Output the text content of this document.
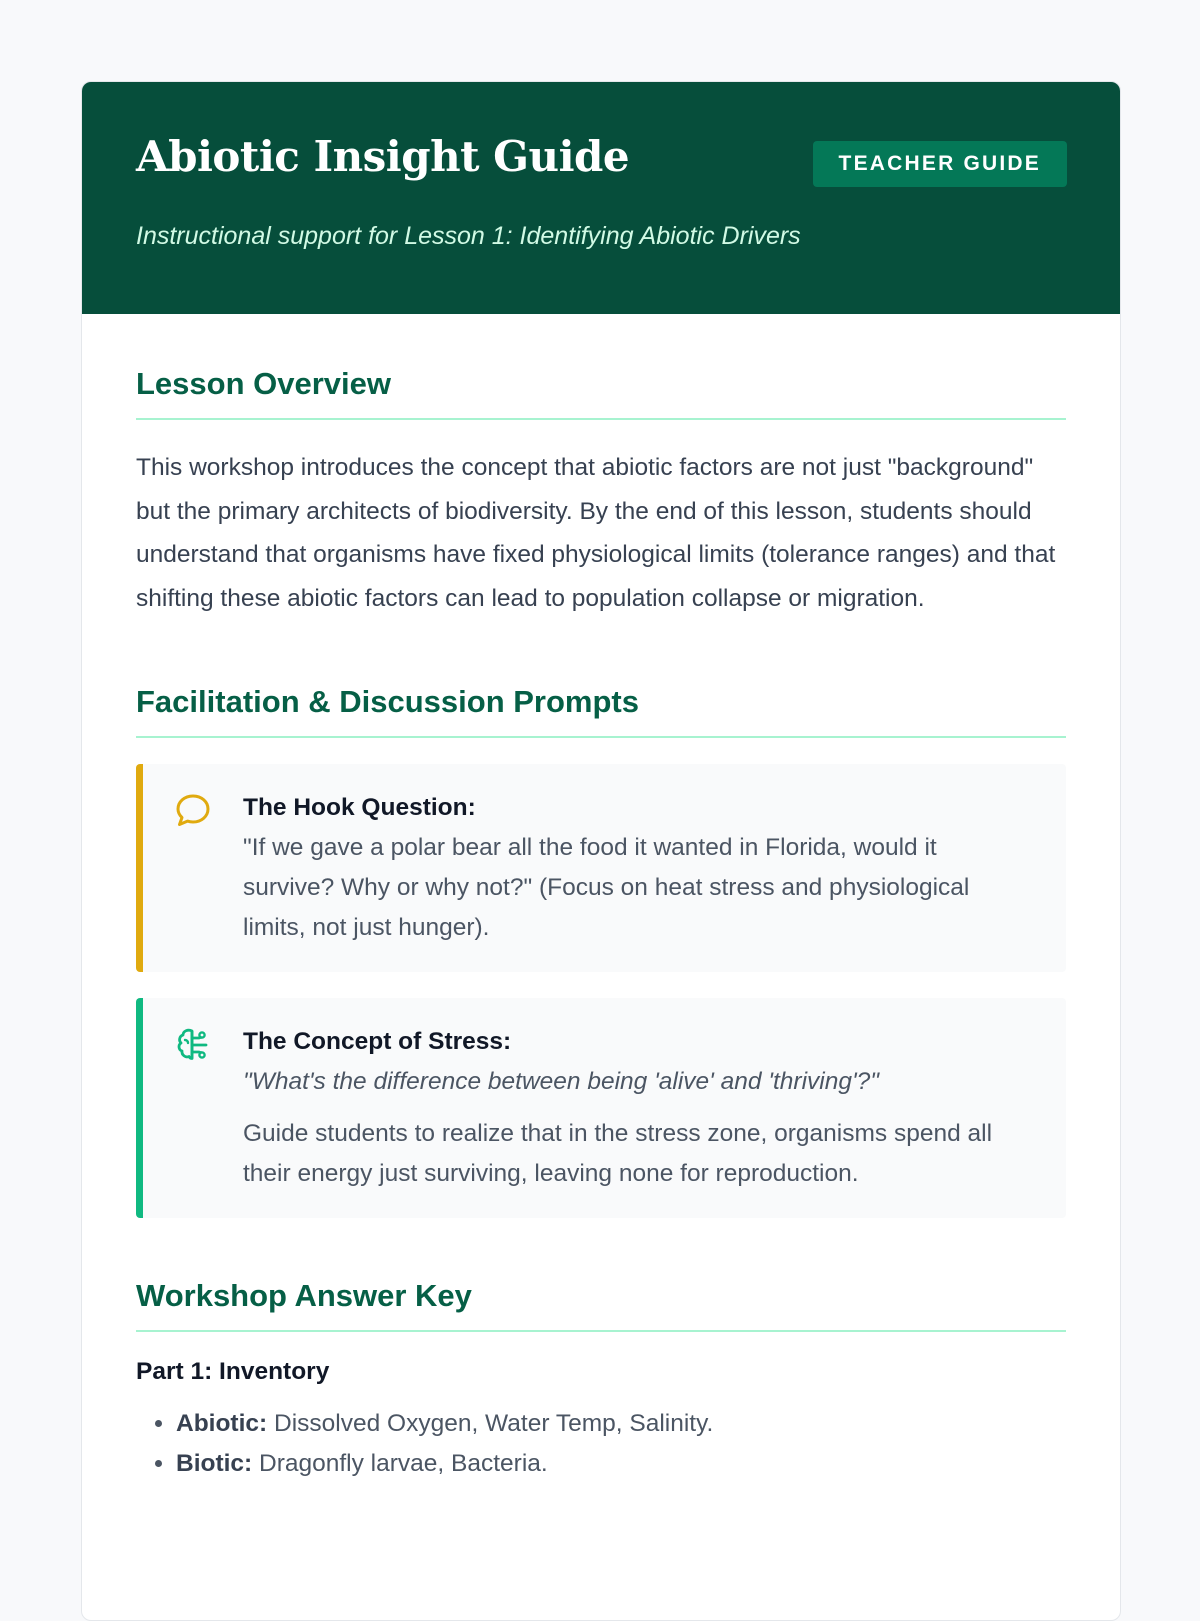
Abiotic Insight Guide	TEACHER GUIDE

Instructional support for Lesson 1: Identifying Abiotic Drivers

Lesson Overview

This workshop introduces the concept that abiotic factors are not just "background" but the primary architects of biodiversity. By the end of this lesson, students should understand that organisms have fixed physiological limits (tolerance ranges) and that shifting these abiotic factors can lead to population collapse or migration.

Facilitation & Discussion Prompts

The Hook Question:

"If we gave a polar bear all the food it wanted in Florida, would it survive? Why or why not?" (Focus on heat stress and physiological limits, not just hunger).

The Concept of Stress:

"What's the difference between being 'alive' and 'thriving'?"

Guide students to realize that in the stress zone, organisms spend all their energy just surviving, leaving none for reproduction.

Workshop Answer Key

Part 1: Inventory

• Abiotic: Dissolved Oxygen, Water Temp, Salinity.
• Biotic: Dragonfly larvae, Bacteria.
